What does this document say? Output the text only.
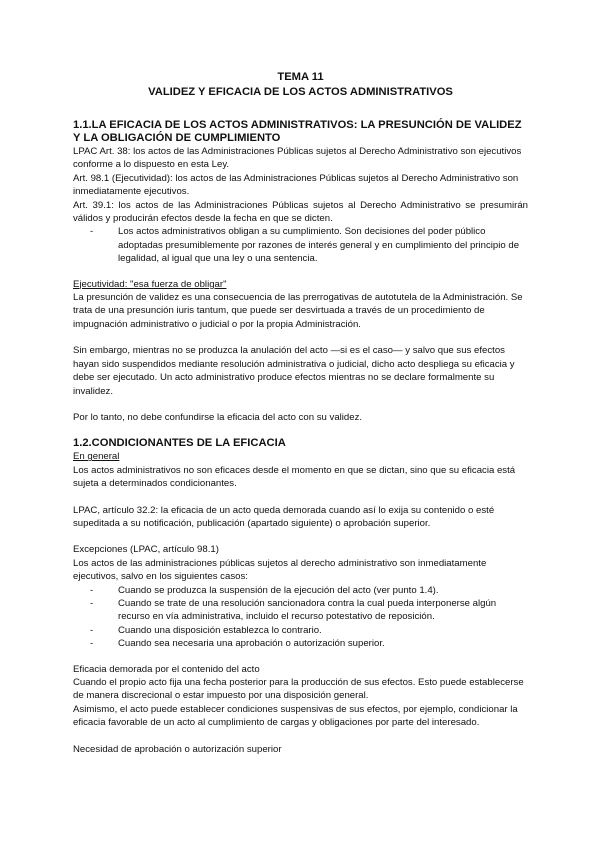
TEMA 11
VALIDEZ Y EFICACIA DE LOS ACTOS ADMINISTRATIVOS
1.1.LA EFICACIA DE LOS ACTOS ADMINISTRATIVOS: LA PRESUNCIÓN DE VALIDEZ
Y LA OBLIGACIÓN DE CUMPLIMIENTO

LPAC Art. 38: los actos de las Administraciones Públicas sujetos al Derecho Administrativo son ejecutivos conforme a lo dispuesto en esta Ley.

Art. 98.1 (Ejecutividad): los actos de las Administraciones Públicas sujetos al Derecho Administrativo son inmediatamente ejecutivos.

Art. 39.1: los actos de las Administraciones Públicas sujetos al Derecho Administrativo se presumirán válidos y producirán efectos desde la fecha en que se dicten.

-	Los actos administrativos obligan a su cumplimiento. Son decisiones del poder público adoptadas presumiblemente por razones de interés general y en cumplimiento del principio de legalidad, al igual que una ley o una sentencia.

Ejecutividad: "esa fuerza de obligar"

La presunción de validez es una consecuencia de las prerrogativas de autotutela de la Administración. Se trata de una presunción iuris tantum, que puede ser desvirtuada a través de un procedimiento de impugnación administrativo o judicial o por la propia Administración.

Sin embargo, mientras no se produzca la anulación del acto —si es el caso— y salvo que sus efectos hayan sido suspendidos mediante resolución administrativa o judicial, dicho acto despliega su eficacia y debe ser ejecutado. Un acto administrativo produce efectos mientras no se declare formalmente su invalidez.

Por lo tanto, no debe confundirse la eficacia del acto con su validez.

1.2.CONDICIONANTES DE LA EFICACIA

En general

Los actos administrativos no son eficaces desde el momento en que se dictan, sino que su eficacia está sujeta a determinados condicionantes.

LPAC, artículo 32.2: la eficacia de un acto queda demorada cuando así lo exija su contenido o esté supeditada a su notificación, publicación (apartado siguiente) o aprobación superior.

Excepciones (LPAC, artículo 98.1)

Los actos de las administraciones públicas sujetos al derecho administrativo son inmediatamente ejecutivos, salvo en los siguientes casos:

-	Cuando se produzca la suspensión de la ejecución del acto (ver punto 1.4).
-	Cuando se trate de una resolución sancionadora contra la cual pueda interponerse algún recurso en vía administrativa, incluido el recurso potestativo de reposición.
-	Cuando una disposición establezca lo contrario.
-	Cuando sea necesaria una aprobación o autorización superior.

Eficacia demorada por el contenido del acto

Cuando el propio acto fija una fecha posterior para la producción de sus efectos. Esto puede establecerse de manera discrecional o estar impuesto por una disposición general.

Asimismo, el acto puede establecer condiciones suspensivas de sus efectos, por ejemplo, condicionar la eficacia favorable de un acto al cumplimiento de cargas y obligaciones por parte del interesado.

Necesidad de aprobación o autorización superior
